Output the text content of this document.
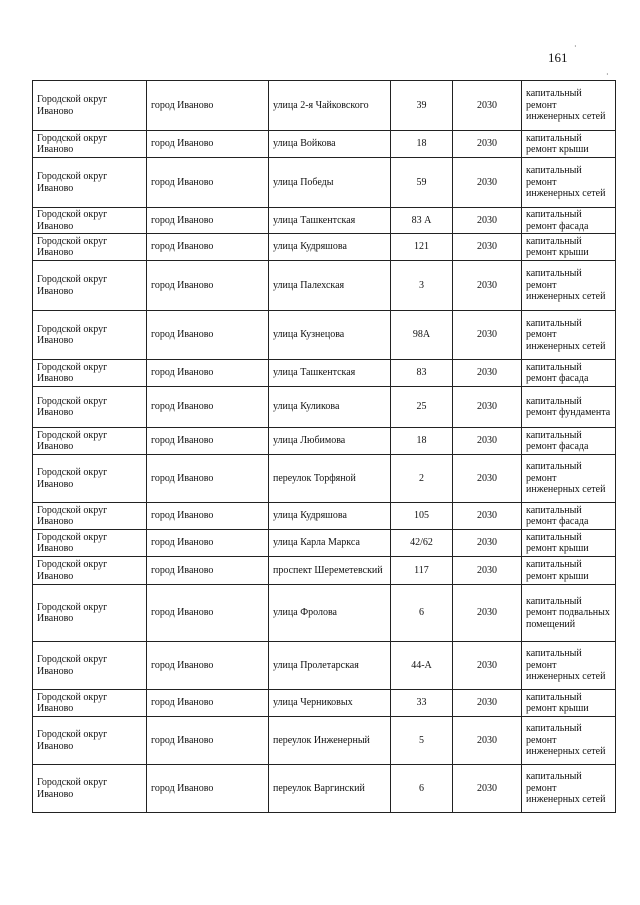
161
·
·
Городской округ Иваново	город Иваново	улица 2-я Чайковского	39	2030	капитальный ремонт инженерных сетей
Городской округ Иваново	город Иваново	улица Войкова	18	2030	капитальный ремонт крыши
Городской округ Иваново	город Иваново	улица Победы	59	2030	капитальный ремонт инженерных сетей
Городской округ Иваново	город Иваново	улица Ташкентская	83 А	2030	капитальный ремонт фасада
Городской округ Иваново	город Иваново	улица Кудряшова	121	2030	капитальный ремонт крыши
Городской округ Иваново	город Иваново	улица Палехская	3	2030	капитальный ремонт инженерных сетей
Городской округ Иваново	город Иваново	улица Кузнецова	98А	2030	капитальный ремонт инженерных сетей
Городской округ Иваново	город Иваново	улица Ташкентская	83	2030	капитальный ремонт фасада
Городской округ Иваново	город Иваново	улица Куликова	25	2030	капитальный ремонт фундамента
Городской округ Иваново	город Иваново	улица Любимова	18	2030	капитальный ремонт фасада
Городской округ Иваново	город Иваново	переулок Торфяной	2	2030	капитальный ремонт инженерных сетей
Городской округ Иваново	город Иваново	улица Кудряшова	105	2030	капитальный ремонт фасада
Городской округ Иваново	город Иваново	улица Карла Маркса	42/62	2030	капитальный ремонт крыши
Городской округ Иваново	город Иваново	проспект Шереметевский	117	2030	капитальный ремонт крыши
Городской округ Иваново	город Иваново	улица Фролова	6	2030	капитальный ремонт подвальных помещений
Городской округ Иваново	город Иваново	улица Пролетарская	44-А	2030	капитальный ремонт инженерных сетей
Городской округ Иваново	город Иваново	улица Черниковых	33	2030	капитальный ремонт крыши
Городской округ Иваново	город Иваново	переулок Инженерный	5	2030	капитальный ремонт инженерных сетей
Городской округ Иваново	город Иваново	переулок Варгинский	6	2030	капитальный ремонт инженерных сетей
